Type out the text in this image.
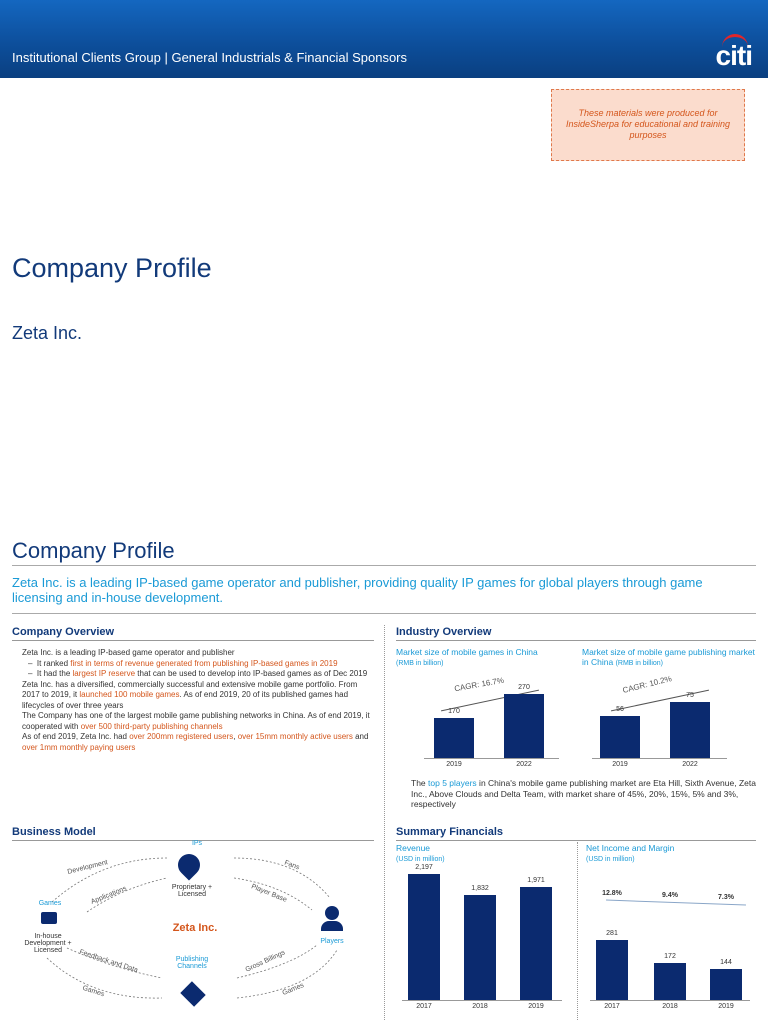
Institutional Clients Group | General Industrials & Financial Sponsors	citi
These materials were produced for InsideSherpa for educational and training purposes
Company Profile
Zeta Inc.
Company Profile
Zeta Inc. is a leading IP-based game operator and publisher, providing quality IP games for global players through game licensing and in-house development.
Company Overview

Zeta Inc. is a leading IP-based game operator and publisher

–  It ranked first in terms of revenue generated from publishing IP-based games in 2019

–  It had the largest IP reserve that can be used to develop into IP-based games as of Dec 2019

Zeta Inc. has a diversified, commercially successful and extensive mobile game portfolio. From 2017 to 2019, it launched 100 mobile games. As of end 2019, 20 of its published games had lifecycles of over three years

The Company has one of the largest mobile game publishing networks in China. As of end 2019, it cooperated with over 500 third-party publishing channels

As of end 2019, Zeta Inc. had over 200mm registered users, over 15mm monthly active users and over 1mm monthly paying users

Industry Overview
Market size of mobile games in China
(RMB in billion)
Market size of mobile game publishing market in China (RMB in billion)
CAGR: 16.7%
170
2019
270
2022
CAGR: 10.2%
56
2019
75
2022
The top 5 players in China's mobile game publishing market are Eta Hill, Sixth Avenue, Zeta Inc., Above Clouds and Delta Team, with market share of 45%, 20%, 15%, 5% and 3%, respectively
Business Model
IPs
Proprietary + Licensed
Games
In-house Development + Licensed
Players
Zeta Inc.
Publishing Channels
Development
Applications
Fans
Player Base
Feedback and Data	Gross Billings
Games	Games
Summary Financials
Revenue
(USD in million)
Net Income and Margin
(USD in million)
2,197
2017
1,832
2018
1,971
2019
281
2017
12.8%
172
2018
9.4%
144
2019
7.3%
